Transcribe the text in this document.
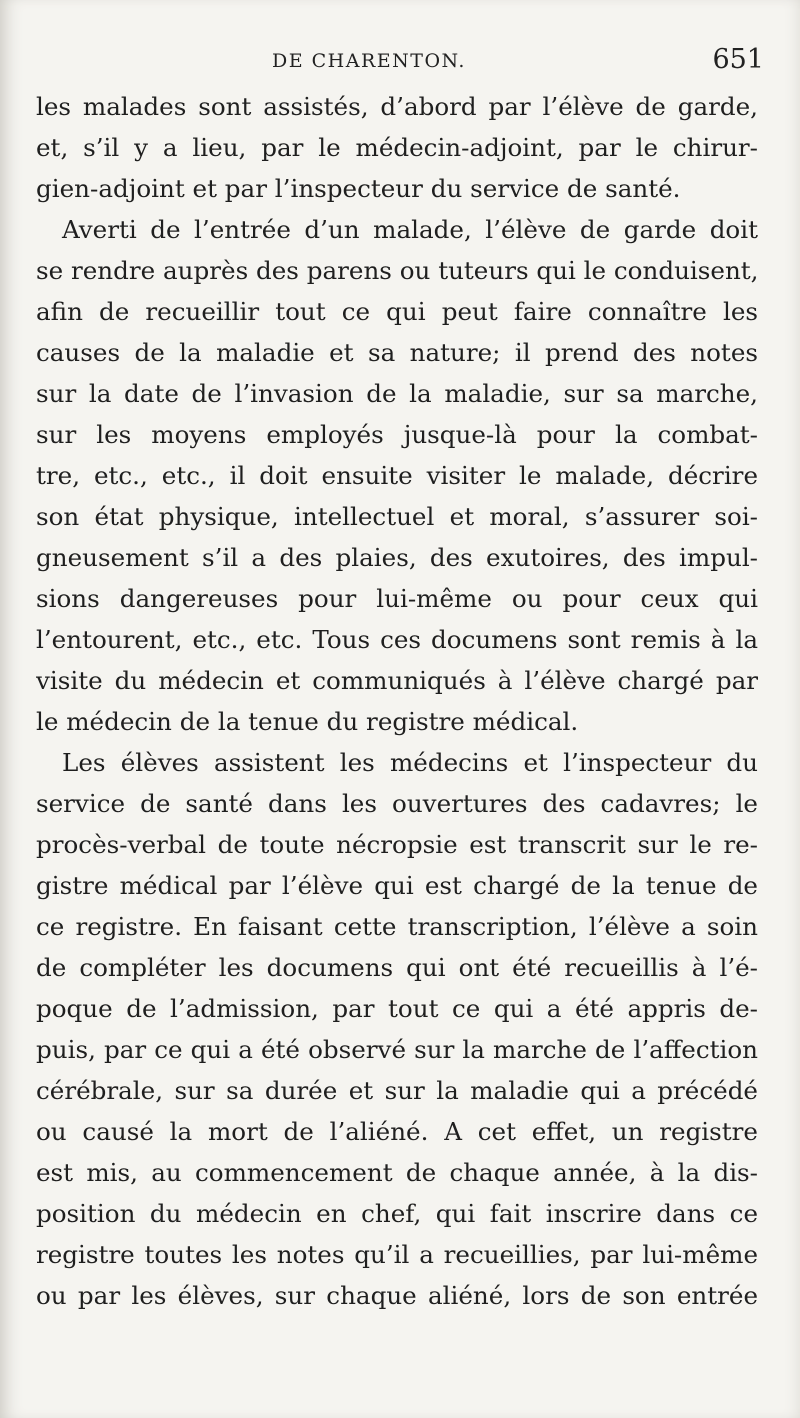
DE CHARENTON.	651
les malades sont assistés, d’abord par l’élève de garde,
et, s’il y a lieu, par le médecin-adjoint, par le chirur-
gien-adjoint et par l’inspecteur du service de santé.
Averti de l’entrée d’un malade, l’élève de garde doit
se rendre auprès des parens ou tuteurs qui le conduisent,
afin de recueillir tout ce qui peut faire connaître les
causes de la maladie et sa nature; il prend des notes
sur la date de l’invasion de la maladie, sur sa marche,
sur les moyens employés jusque-là pour la combat-
tre, etc., etc., il doit ensuite visiter le malade, décrire
son état physique, intellectuel et moral, s’assurer soi-
gneusement s’il a des plaies, des exutoires, des impul-
sions dangereuses pour lui-même ou pour ceux qui
l’entourent, etc., etc. Tous ces documens sont remis à la
visite du médecin et communiqués à l’élève chargé par
le médecin de la tenue du registre médical.
Les élèves assistent les médecins et l’inspecteur du
service de santé dans les ouvertures des cadavres; le
procès-verbal de toute nécropsie est transcrit sur le re-
gistre médical par l’élève qui est chargé de la tenue de
ce registre. En faisant cette transcription, l’élève a soin
de compléter les documens qui ont été recueillis à l’é-
poque de l’admission, par tout ce qui a été appris de-
puis, par ce qui a été observé sur la marche de l’affection
cérébrale, sur sa durée et sur la maladie qui a précédé
ou causé la mort de l’aliéné. A cet effet, un registre
est mis, au commencement de chaque année, à la dis-
position du médecin en chef, qui fait inscrire dans ce
registre toutes les notes qu’il a recueillies, par lui-même
ou par les élèves, sur chaque aliéné, lors de son entrée
